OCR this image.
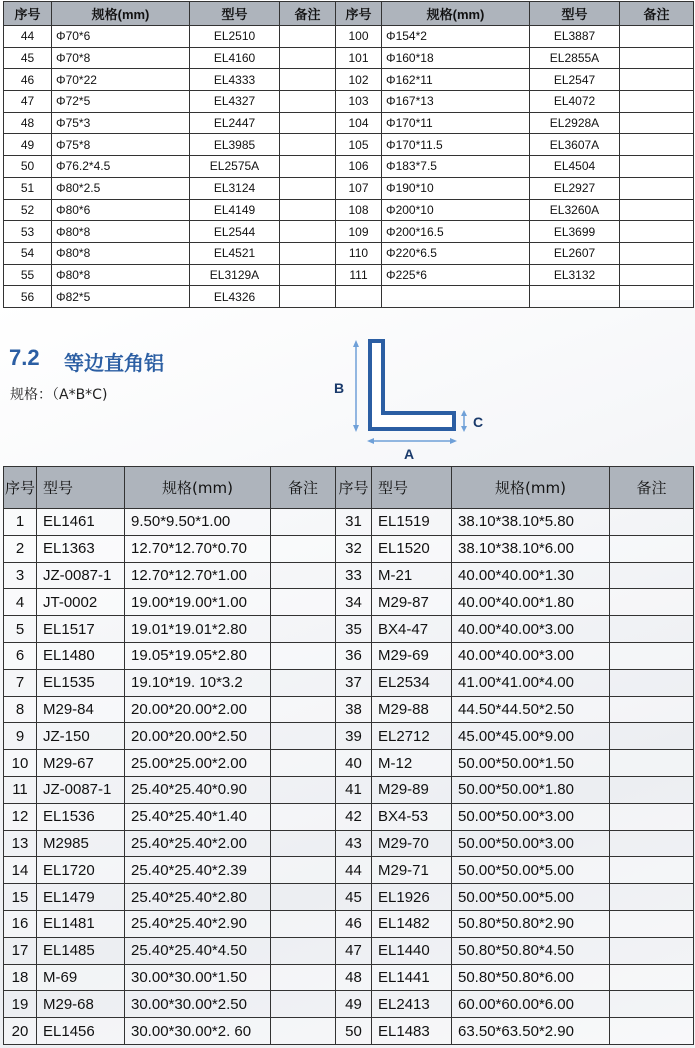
序号	规格(mm)	型号	备注	序号	规格(mm)	型号	备注
44	Φ70*6	EL2510		100	Φ154*2	EL3887	
45	Φ70*8	EL4160		101	Φ160*18	EL2855A	
46	Φ70*22	EL4333		102	Φ162*11	EL2547	
47	Φ72*5	EL4327		103	Φ167*13	EL4072	
48	Φ75*3	EL2447		104	Φ170*11	EL2928A	
49	Φ75*8	EL3985		105	Φ170*11.5	EL3607A	
50	Φ76.2*4.5	EL2575A		106	Φ183*7.5	EL4504	
51	Φ80*2.5	EL3124		107	Φ190*10	EL2927	
52	Φ80*6	EL4149		108	Φ200*10	EL3260A	
53	Φ80*8	EL2544		109	Φ200*16.5	EL3699	
54	Φ80*8	EL4521		110	Φ220*6.5	EL2607	
55	Φ80*8	EL3129A		111	Φ225*6	EL3132	
56	Φ82*5	EL4326					
7.2 等边直角铝
规格：（A*B*C)	B
A
C
序号	型号	规格(mm)	备注	序号	型号	规格(mm)	备注
1	EL1461	9.50*9.50*1.00		31	EL1519	38.10*38.10*5.80	
2	EL1363	12.70*12.70*0.70		32	EL1520	38.10*38.10*6.00	
3	JZ-0087-1	12.70*12.70*1.00		33	M-21	40.00*40.00*1.30	
4	JT-0002	19.00*19.00*1.00		34	M29-87	40.00*40.00*1.80	
5	EL1517	19.01*19.01*2.80		35	BX4-47	40.00*40.00*3.00	
6	EL1480	19.05*19.05*2.80		36	M29-69	40.00*40.00*3.00	
7	EL1535	19.10*19. 10*3.2		37	EL2534	41.00*41.00*4.00	
8	M29-84	20.00*20.00*2.00		38	M29-88	44.50*44.50*2.50	
9	JZ-150	20.00*20.00*2.50		39	EL2712	45.00*45.00*9.00	
10	M29-67	25.00*25.00*2.00		40	M-12	50.00*50.00*1.50	
11	JZ-0087-1	25.40*25.40*0.90		41	M29-89	50.00*50.00*1.80	
12	EL1536	25.40*25.40*1.40		42	BX4-53	50.00*50.00*3.00	
13	M2985	25.40*25.40*2.00		43	M29-70	50.00*50.00*3.00	
14	EL1720	25.40*25.40*2.39		44	M29-71	50.00*50.00*5.00	
15	EL1479	25.40*25.40*2.80		45	EL1926	50.00*50.00*5.00	
16	EL1481	25.40*25.40*2.90		46	EL1482	50.80*50.80*2.90	
17	EL1485	25.40*25.40*4.50		47	EL1440	50.80*50.80*4.50	
18	M-69	30.00*30.00*1.50		48	EL1441	50.80*50.80*6.00	
19	M29-68	30.00*30.00*2.50		49	EL2413	60.00*60.00*6.00	
20	EL1456	30.00*30.00*2. 60		50	EL1483	63.50*63.50*2.90	
